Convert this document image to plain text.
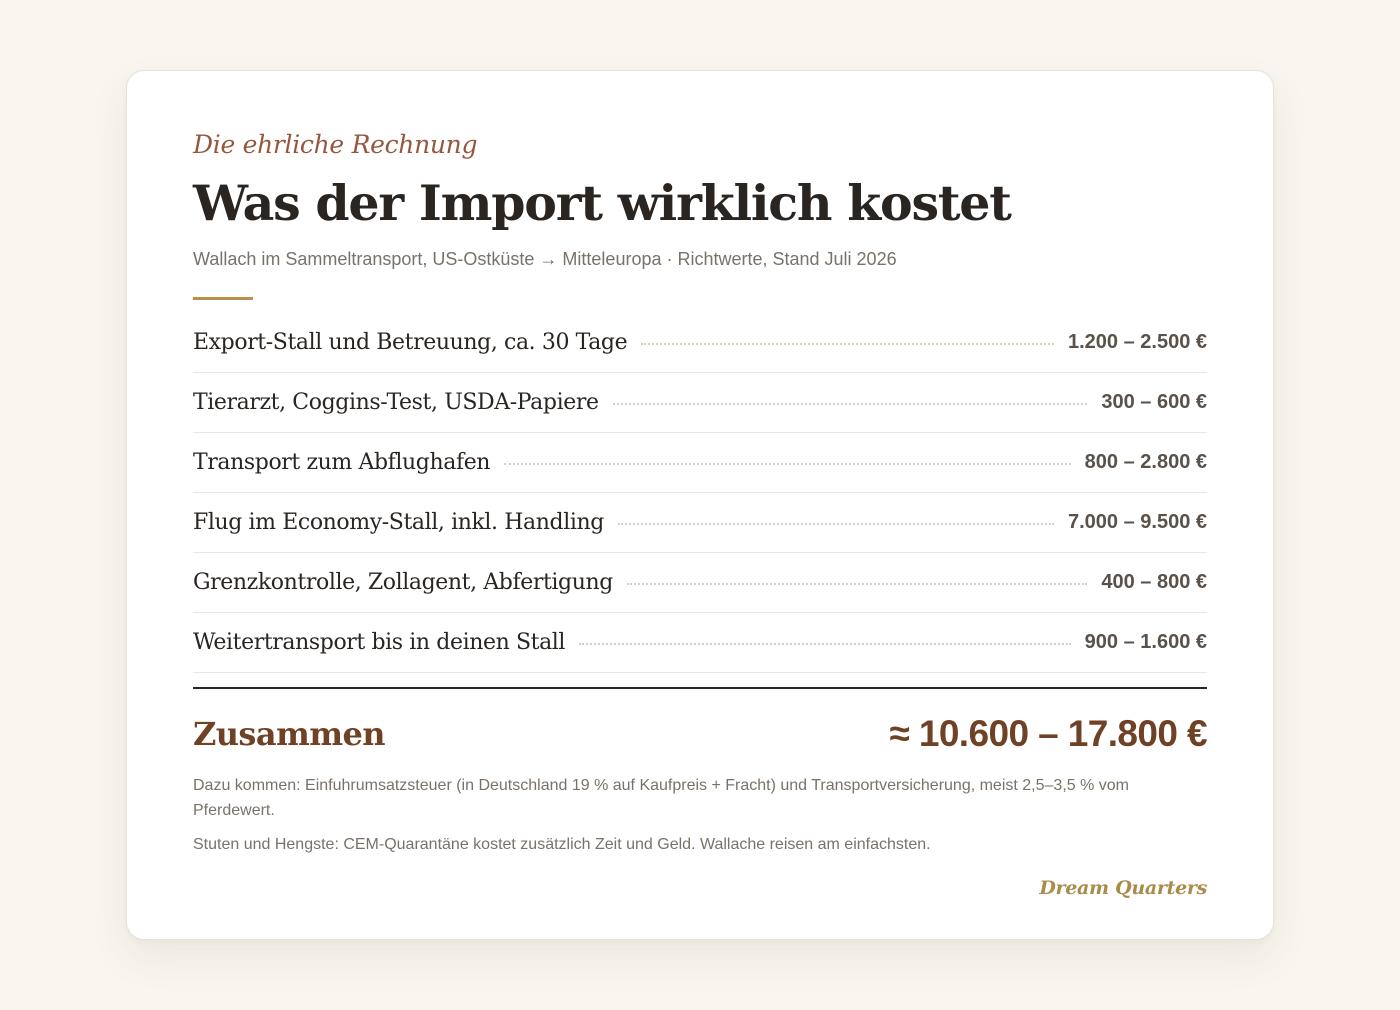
Die ehrliche Rechnung

Was der Import wirklich kostet

Wallach im Sammeltransport, US-Ostküste → Mitteleuropa · Richtwerte, Stand Juli 2026

Export-Stall und Betreuung, ca. 30 Tage	1.200 – 2.500 €
Tierarzt, Coggins-Test, USDA-Papiere	300 – 600 €
Transport zum Abflughafen	800 – 2.800 €
Flug im Economy-Stall, inkl. Handling	7.000 – 9.500 €
Grenzkontrolle, Zollagent, Abfertigung	400 – 800 €
Weitertransport bis in deinen Stall	900 – 1.600 €
Zusammen	≈ 10.600 – 17.800 €

Dazu kommen: Einfuhrumsatzsteuer (in Deutschland 19 % auf Kaufpreis + Fracht) und Transportversicherung, meist 2,5–3,5 % vom Pferdewert.

Stuten und Hengste: CEM-Quarantäne kostet zusätzlich Zeit und Geld. Wallache reisen am einfachsten.

Dream Quarters
